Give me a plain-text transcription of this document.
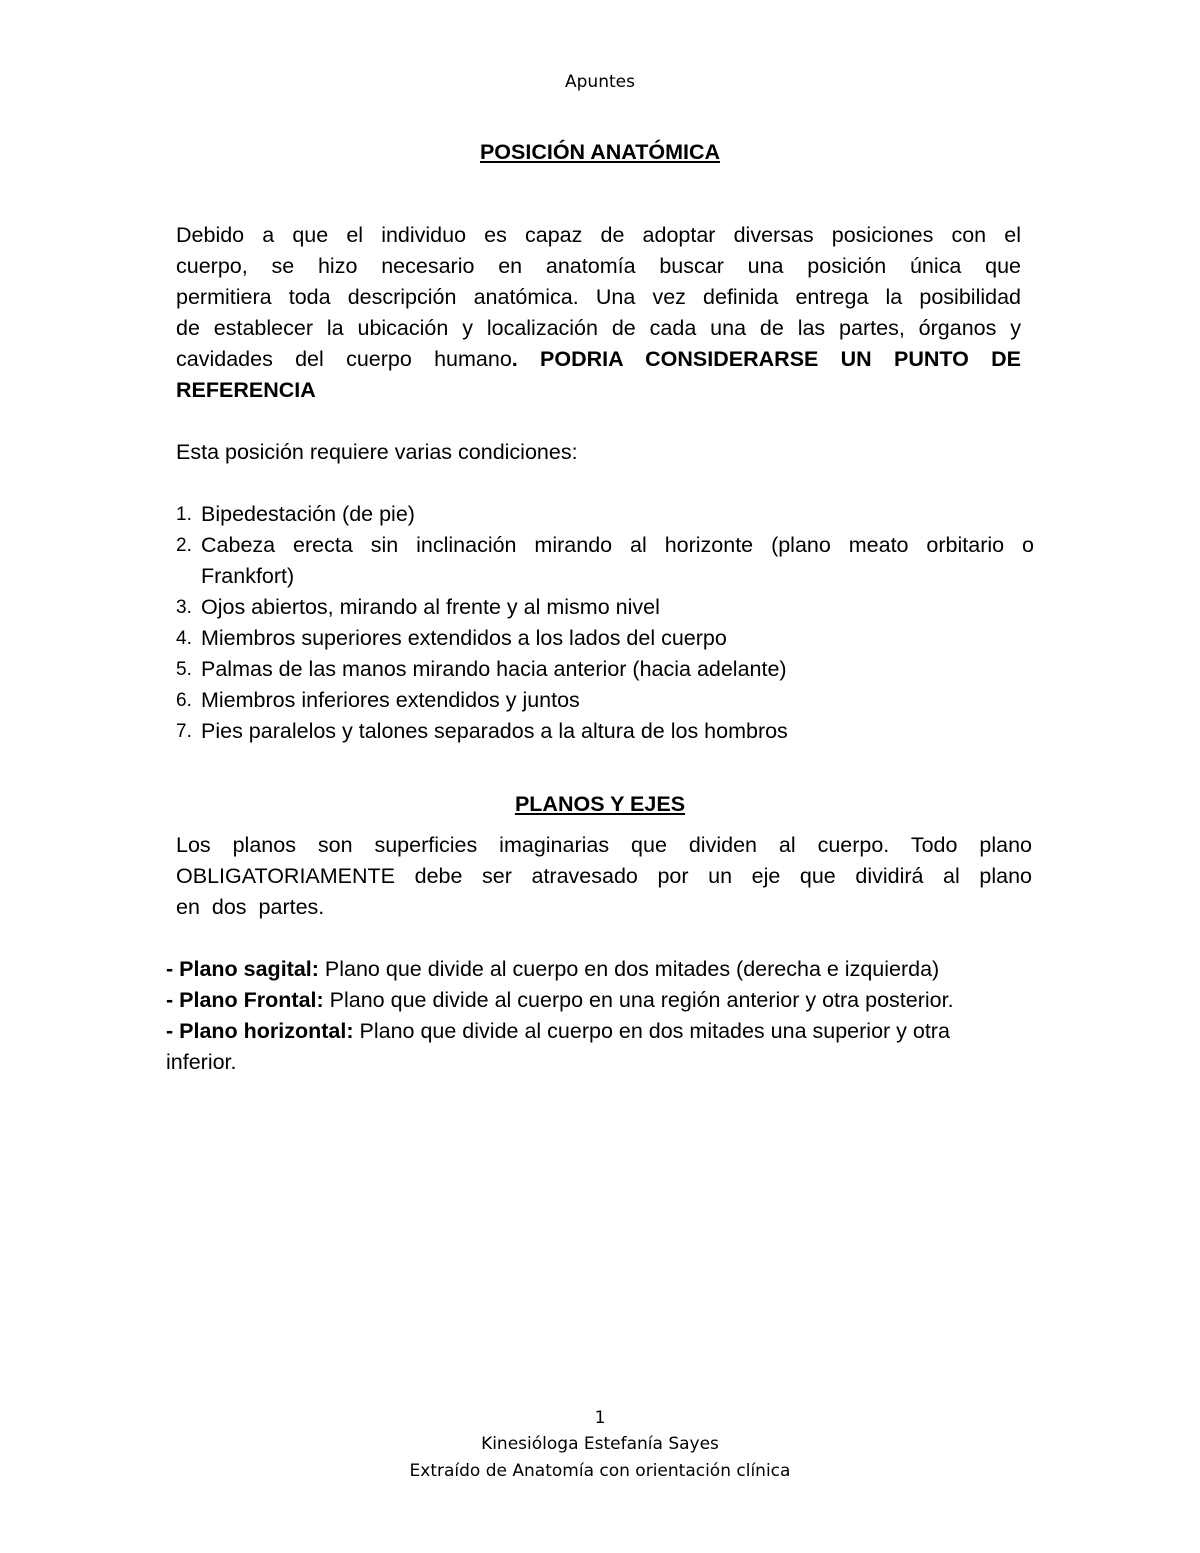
Apuntes
POSICIÓN ANATÓMICA
Debido a que el individuo es capaz de adoptar diversas posiciones con el
cuerpo, se hizo necesario en anatomía buscar una posición única que
permitiera toda descripción anatómica. Una vez definida entrega la posibilidad
de establecer la ubicación y localización de cada una de las partes, órganos y
cavidades del cuerpo humano. PODRIA CONSIDERARSE UN PUNTO DE
REFERENCIA
Esta posición requiere varias condiciones:
1. Bipedestación (de pie)
2. Cabeza erecta sin inclinación mirando al horizonte (plano meato orbitario o
Frankfort)
3. Ojos abiertos, mirando al frente y al mismo nivel
4. Miembros superiores extendidos a los lados del cuerpo
5. Palmas de las manos mirando hacia anterior (hacia adelante)
6. Miembros inferiores extendidos y juntos
7. Pies paralelos y talones separados a la altura de los hombros
PLANOS Y EJES
Los planos son superficies imaginarias que dividen al cuerpo. Todo plano
OBLIGATORIAMENTE debe ser atravesado por un eje que dividirá al plano
en dos partes.
- Plano sagital: Plano que divide al cuerpo en dos mitades (derecha e izquierda)
- Plano Frontal: Plano que divide al cuerpo en una región anterior y otra posterior.
- Plano horizontal: Plano que divide al cuerpo en dos mitades una superior y otra
inferior.
1
Kinesióloga Estefanía Sayes
Extraído de Anatomía con orientación clínica
